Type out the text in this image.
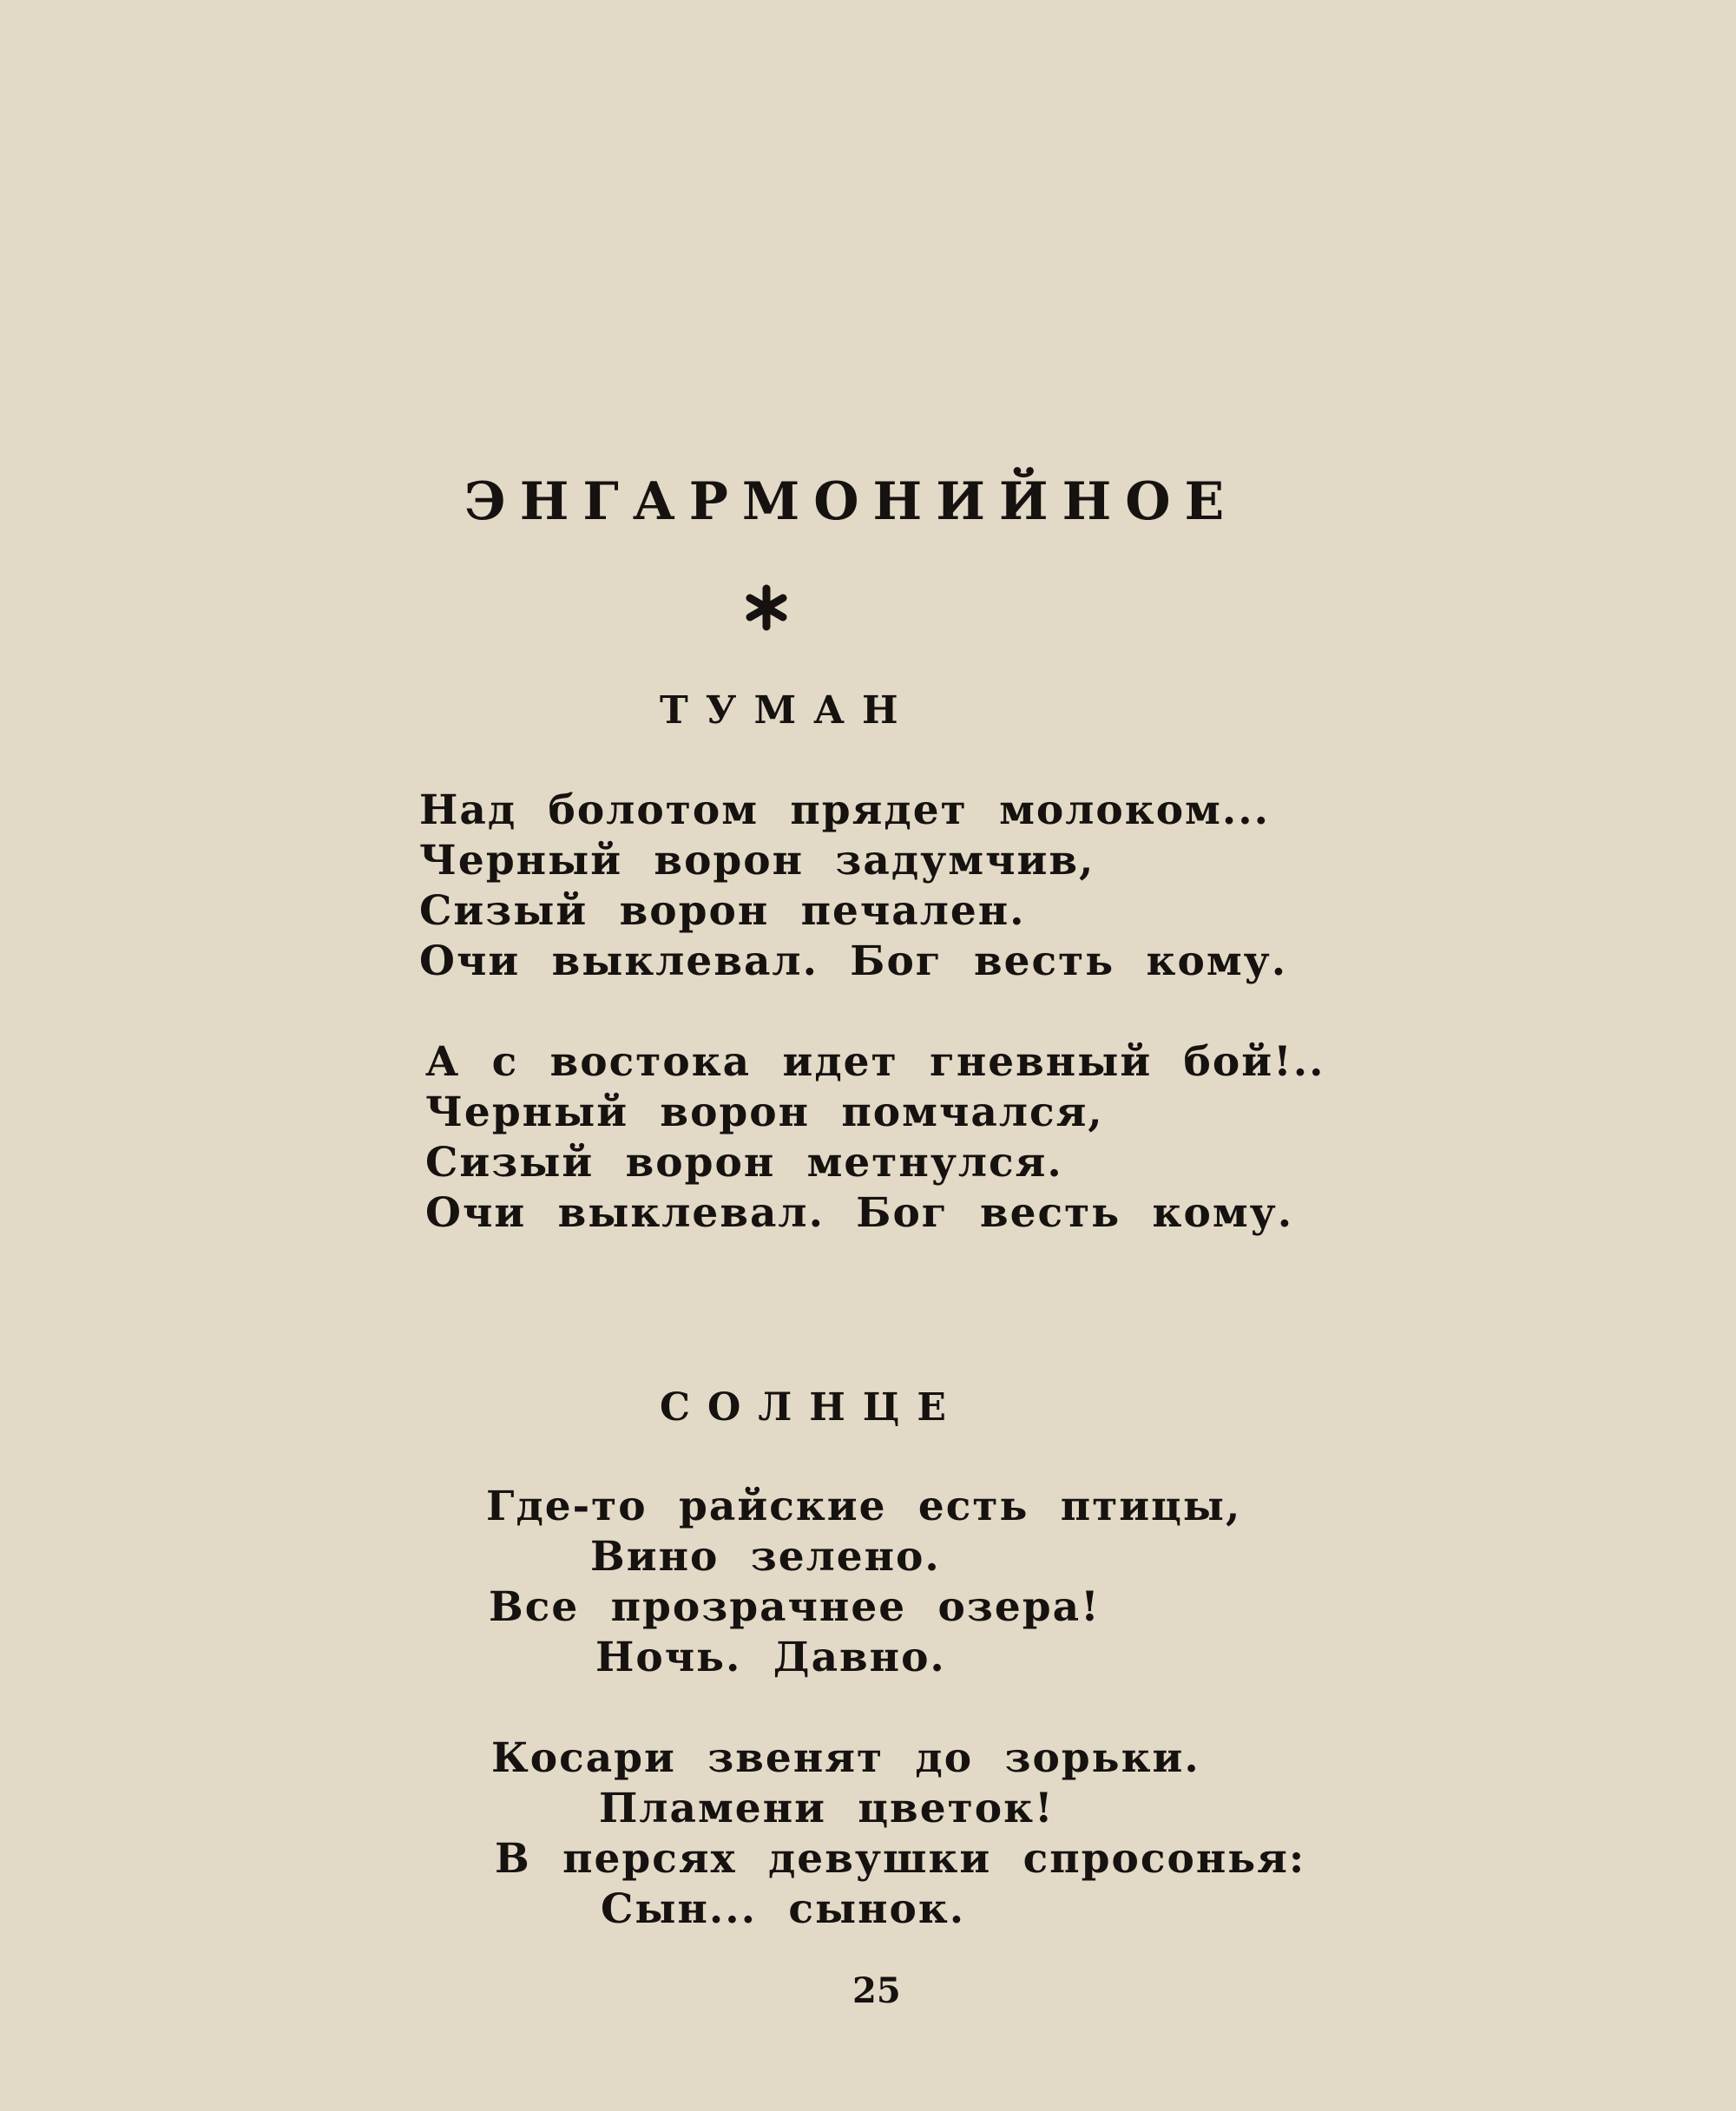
ЭНГАРМОНИЙНОЕ
ТУМАН
Над болотом прядет молоком...
Черный ворон задумчив,
Сизый ворон печален.
Очи выклевал. Бог весть кому.
А с востока идет гневный бой!..
Черный ворон помчался,
Сизый ворон метнулся.
Очи выклевал. Бог весть кому.
СОЛНЦЕ
Где-то райские есть птицы,
Вино зелено.
Все прозрачнее озера!
Ночь. Давно.
Косари звенят до зорьки.
Пламени цветок!
В персях девушки спросонья:
Сын... сынок.
25
